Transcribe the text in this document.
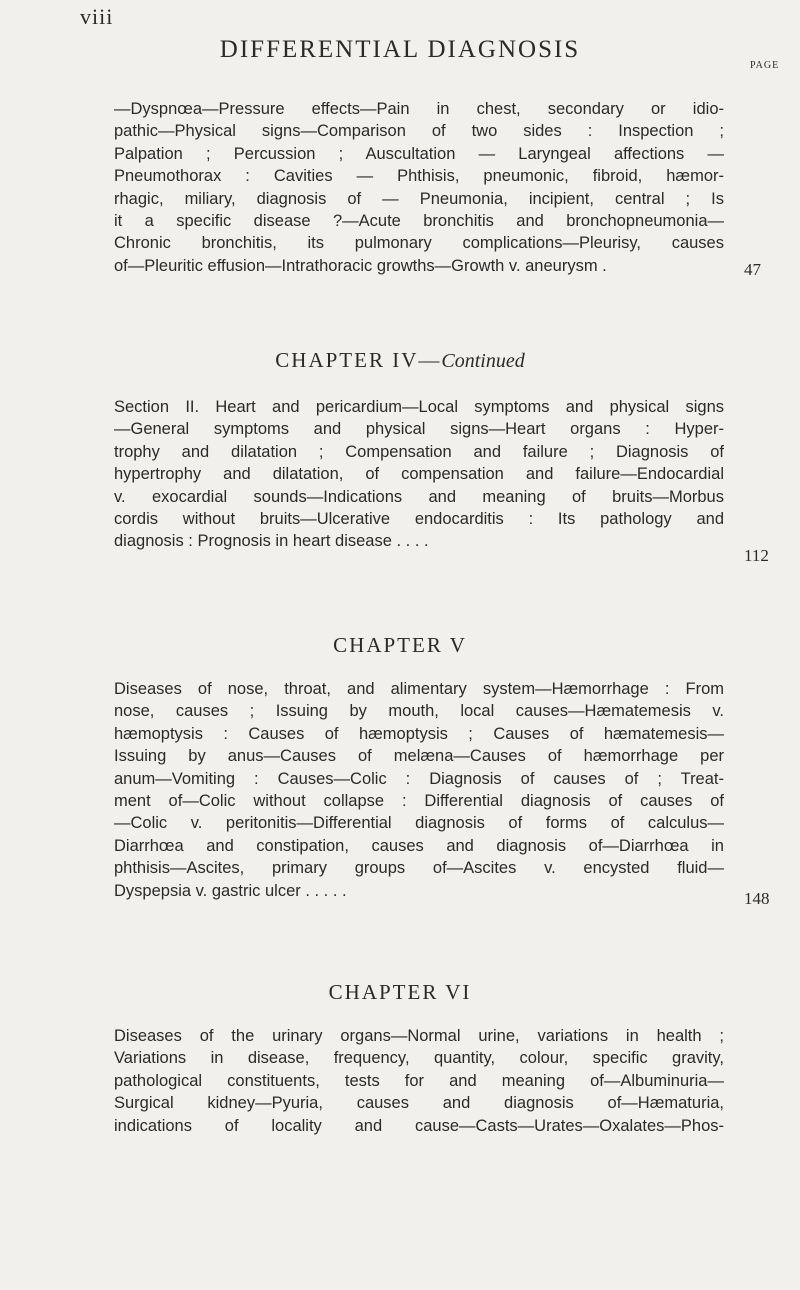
viii
DIFFERENTIAL DIAGNOSIS
PAGE
—Dyspnœa—Pressure effects—Pain in chest, secondary or idio-
pathic—Physical signs—Comparison of two sides : Inspection ;
Palpation ; Percussion ; Auscultation — Laryngeal affections —
Pneumothorax : Cavities — Phthisis, pneumonic, fibroid, hæmor-
rhagic, miliary, diagnosis of — Pneumonia, incipient, central ; Is
it a specific disease ?—Acute bronchitis and bronchopneumonia—
Chronic bronchitis, its pulmonary complications—Pleurisy, causes
of—Pleuritic effusion—Intrathoracic growths—Growth v. aneurysm .	47
CHAPTER IV—Continued
Section II. Heart and pericardium—Local symptoms and physical signs
—General symptoms and physical signs—Heart organs : Hyper-
trophy and dilatation ; Compensation and failure ; Diagnosis of
hypertrophy and dilatation, of compensation and failure—Endocardial
v. exocardial sounds—Indications and meaning of bruits—Morbus
cordis without bruits—Ulcerative endocarditis : Its pathology and
diagnosis : Prognosis in heart disease . . . .
112
CHAPTER V
Diseases of nose, throat, and alimentary system—Hæmorrhage : From
nose, causes ; Issuing by mouth, local causes—Hæmatemesis v.
hæmoptysis : Causes of hæmoptysis ; Causes of hæmatemesis—
Issuing by anus—Causes of melæna—Causes of hæmorrhage per
anum—Vomiting : Causes—Colic : Diagnosis of causes of ; Treat-
ment of—Colic without collapse : Differential diagnosis of causes of
—Colic v. peritonitis—Differential diagnosis of forms of calculus—
Diarrhœa and constipation, causes and diagnosis of—Diarrhœa in
phthisis—Ascites, primary groups of—Ascites v. encysted fluid—
Dyspepsia v. gastric ulcer . . . . .	148
CHAPTER VI
Diseases of the urinary organs—Normal urine, variations in health ;
Variations in disease, frequency, quantity, colour, specific gravity,
pathological constituents, tests for and meaning of—Albuminuria—
Surgical kidney—Pyuria, causes and diagnosis of—Hæmaturia,
indications of locality and cause—Casts—Urates—Oxalates—Phos-
